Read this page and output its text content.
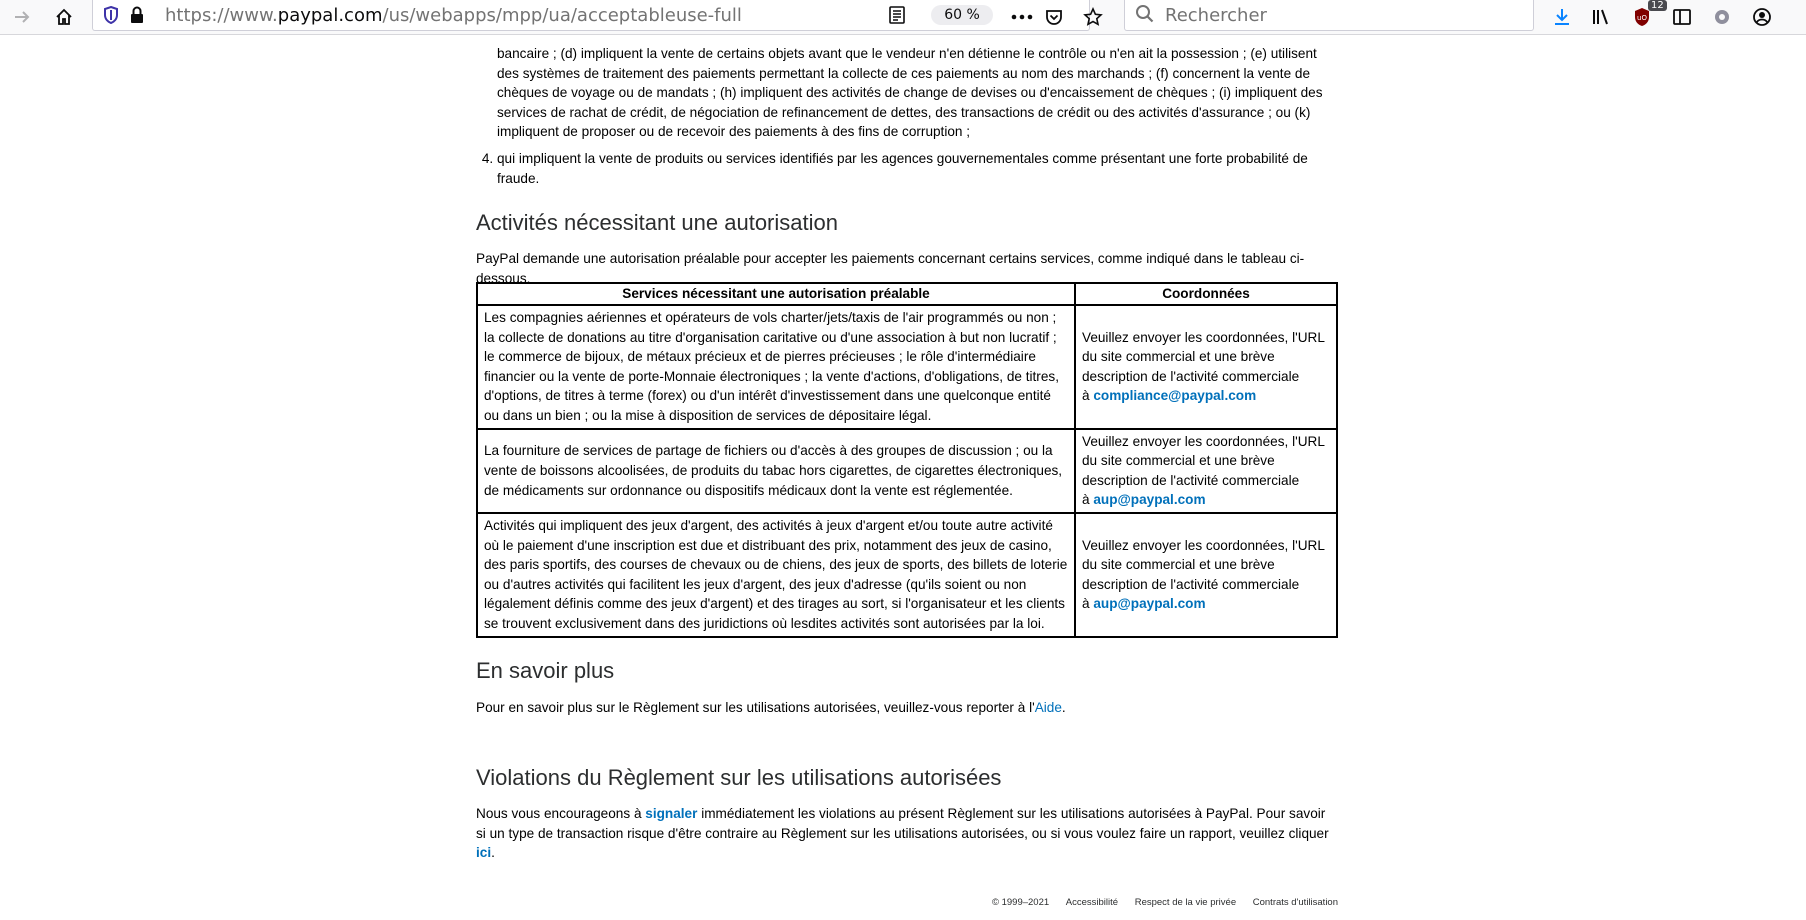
https://www.paypal.com/us/webapps/mpp/ua/acceptableuse-full	60 %	Rechercher	uO
12
bancaire ; (d) impliquent la vente de certains objets avant que le vendeur n'en détienne le contrôle ou n'en ait la possession ; (e) utilisent des systèmes de traitement des paiements permettant la collecte de ces paiements au nom des marchands ; (f) concernent la vente de chèques de voyage ou de mandats ; (h) impliquent des activités de change de devises ou d'encaissement de chèques ; (i) impliquent des services de rachat de crédit, de négociation de refinancement de dettes, des transactions de crédit ou des activités d'assurance ; ou (k) impliquent de proposer ou de recevoir des paiements à des fins de corruption ;
4. qui impliquent la vente de produits ou services identifiés par les agences gouvernementales comme présentant une forte probabilité de fraude.
Activités nécessitant une autorisation
PayPal demande une autorisation préalable pour accepter les paiements concernant certains services, comme indiqué dans le tableau ci-dessous.
Services nécessitant une autorisation préalable	Coordonnées
Les compagnies aériennes et opérateurs de vols charter/jets/taxis de l'air programmés ou non ; la collecte de donations au titre d'organisation caritative ou d'une association à but non lucratif ; le commerce de bijoux, de métaux précieux et de pierres précieuses ; le rôle d'intermédiaire financier ou la vente de porte-Monnaie électroniques ; la vente d'actions, d'obligations, de titres, d'options, de titres à terme (forex) ou d'un intérêt d'investissement dans une quelconque entité ou dans un bien ; ou la mise à disposition de services de dépositaire légal.	Veuillez envoyer les coordonnées, l'URL du site commercial et une brève description de l'activité commerciale
à compliance@paypal.com
La fourniture de services de partage de fichiers ou d'accès à des groupes de discussion ; ou la vente de boissons alcoolisées, de produits du tabac hors cigarettes, de cigarettes électroniques, de médicaments sur ordonnance ou dispositifs médicaux dont la vente est réglementée.	Veuillez envoyer les coordonnées, l'URL du site commercial et une brève description de l'activité commerciale
à aup@paypal.com
Activités qui impliquent des jeux d'argent, des activités à jeux d'argent et/ou toute autre activité où le paiement d'une inscription est due et distribuant des prix, notamment des jeux de casino, des paris sportifs, des courses de chevaux ou de chiens, des jeux de sports, des billets de loterie ou d'autres activités qui facilitent les jeux d'argent, des jeux d'adresse (qu'ils soient ou non légalement définis comme des jeux d'argent) et des tirages au sort, si l'organisateur et les clients se trouvent exclusivement dans des juridictions où lesdites activités sont autorisées par la loi.	Veuillez envoyer les coordonnées, l'URL du site commercial et une brève description de l'activité commerciale
à aup@paypal.com
En savoir plus
Pour en savoir plus sur le Règlement sur les utilisations autorisées, veuillez-vous reporter à l'Aide.
Violations du Règlement sur les utilisations autorisées
Nous vous encourageons à signaler immédiatement les violations au présent Règlement sur les utilisations autorisées à PayPal. Pour savoir si un type de transaction risque d'être contraire au Règlement sur les utilisations autorisées, ou si vous voulez faire un rapport, veuillez cliquer ici.
© 1999–2021 Accessibilité Respect de la vie privée Contrats d'utilisation
